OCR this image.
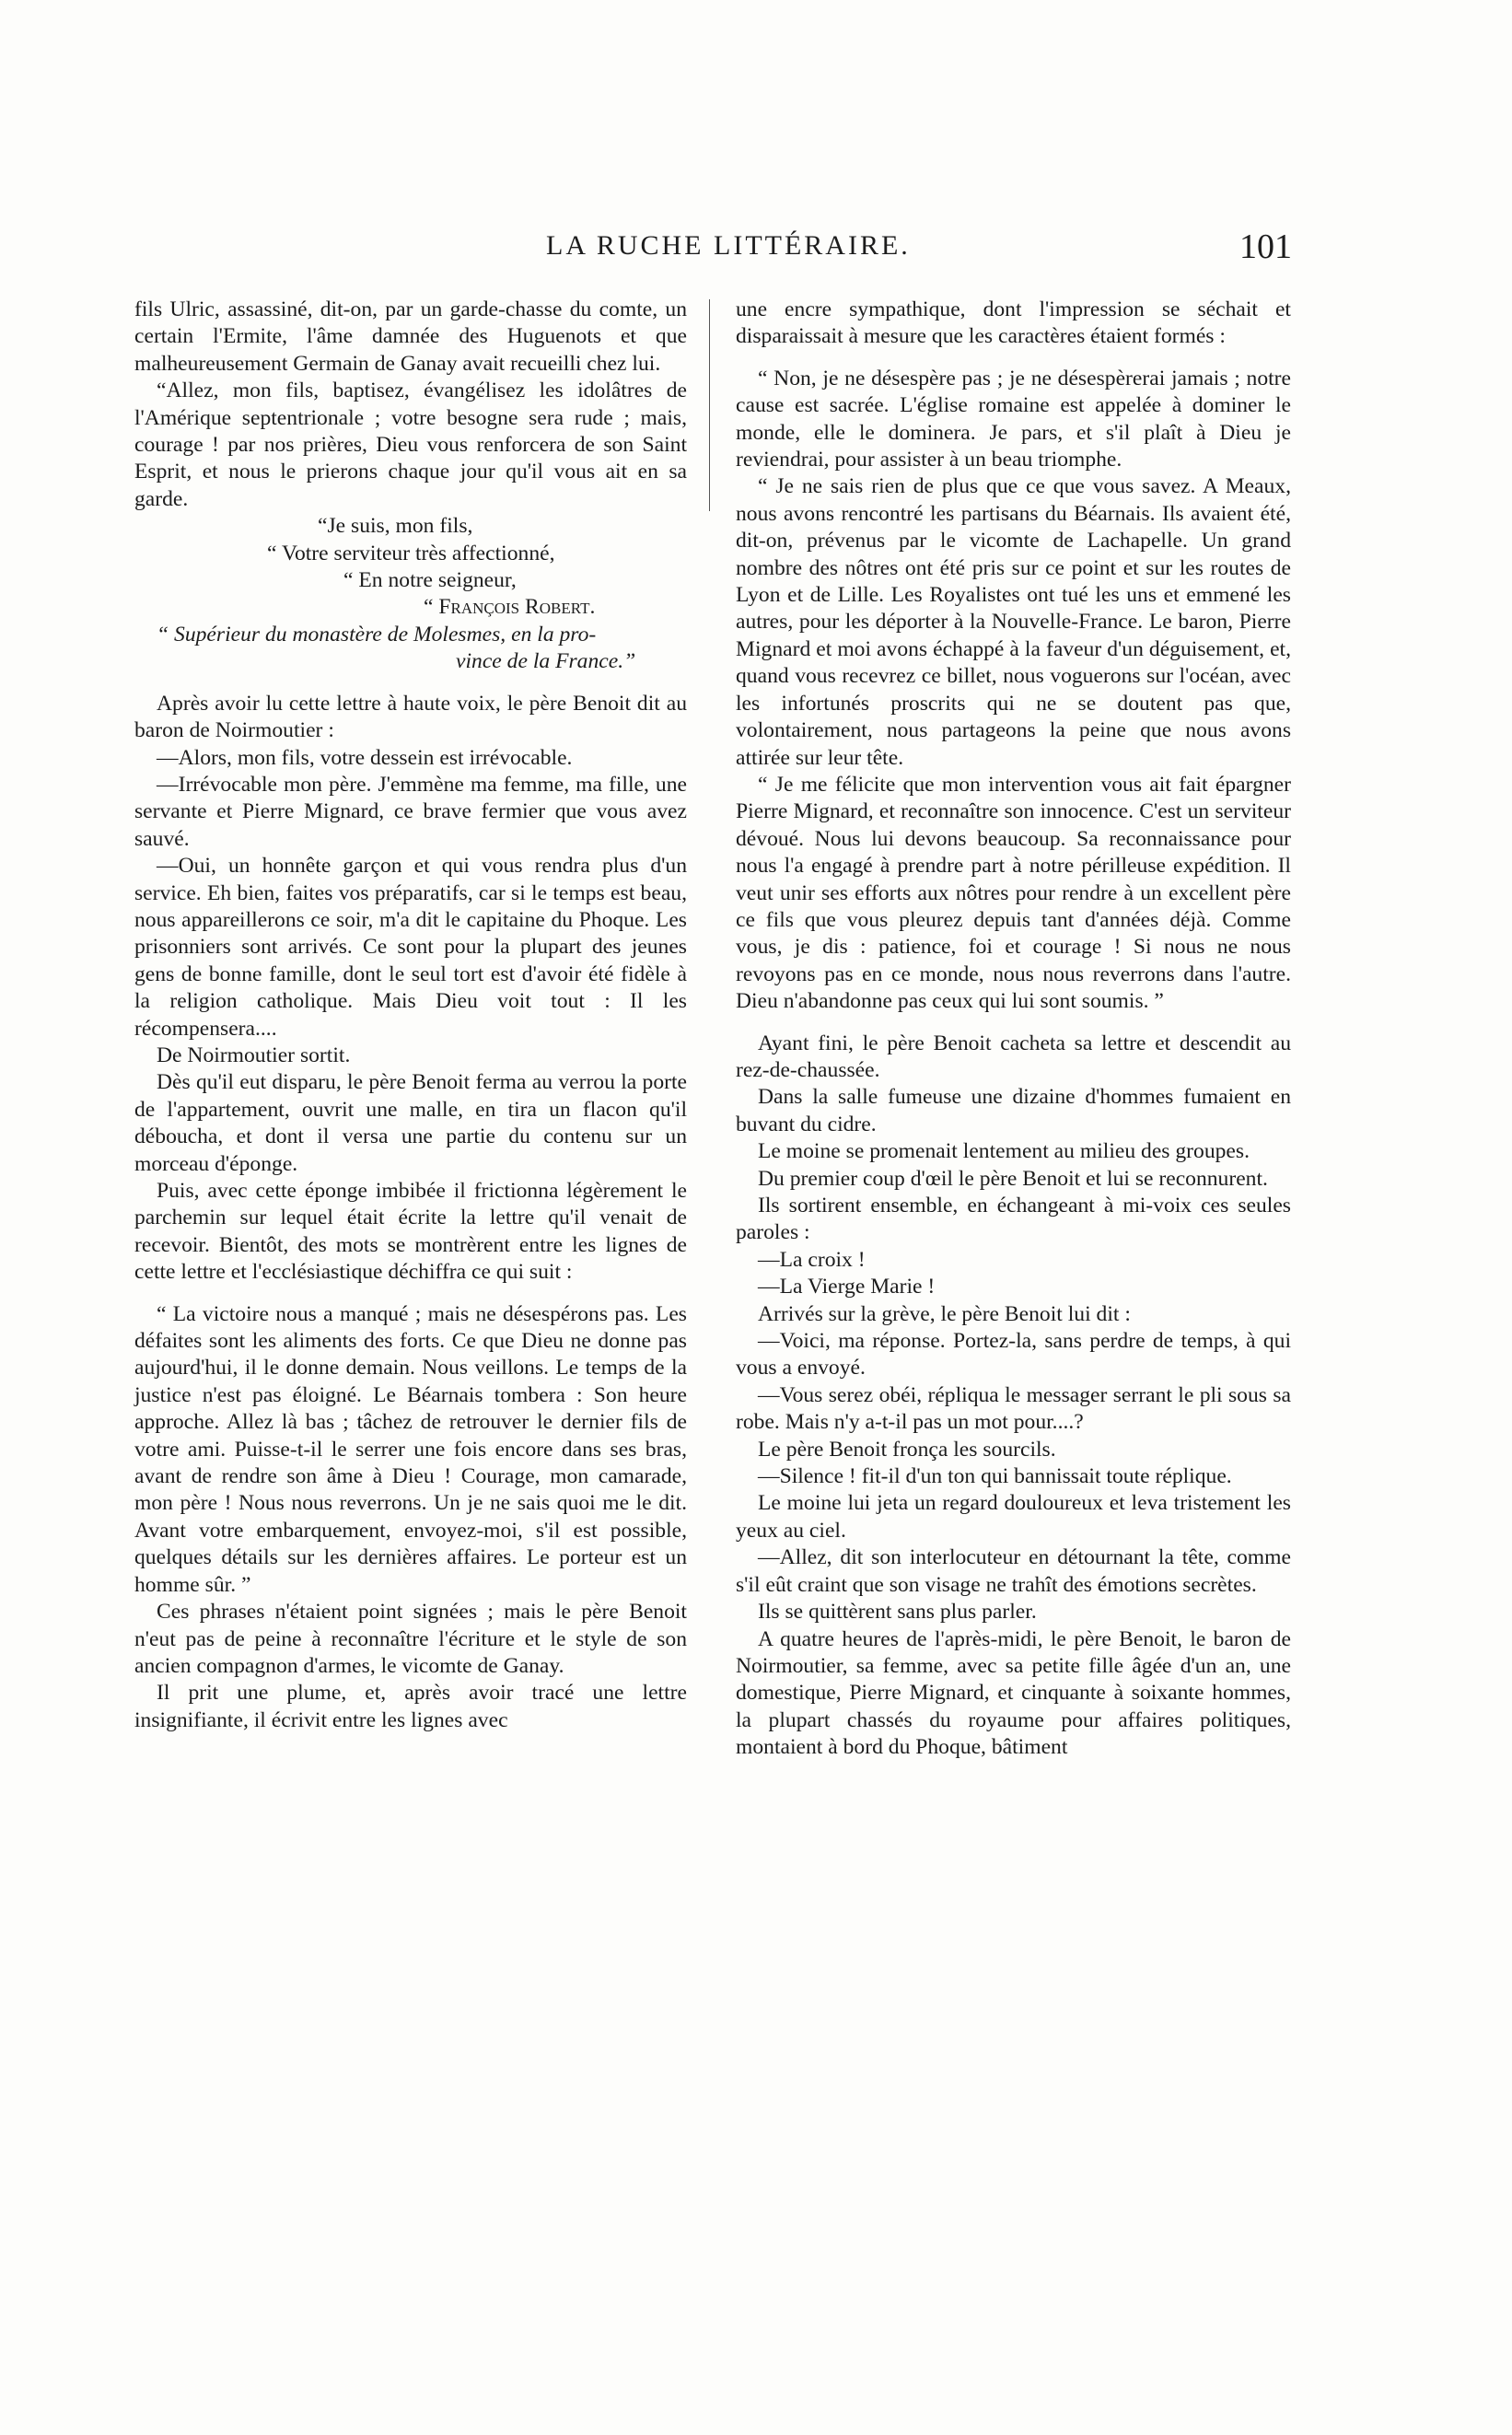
LA RUCHE LITTÉRAIRE.	101

fils Ulric, assassiné, dit-on, par un garde-chasse du comte, un certain l'Ermite, l'âme damnée des Huguenots et que malheureusement Germain de Ganay avait recueilli chez lui.

“Allez, mon fils, baptisez, évangélisez les idolâtres de l'Amérique septentrionale ; votre besogne sera rude ; mais, courage ! par nos prières, Dieu vous renforcera de son Saint Esprit, et nous le prierons chaque jour qu'il vous ait en sa garde.

“Je suis, mon fils,

“ Votre serviteur très affectionné,

“ En notre seigneur,

“ François Robert.

“ Supérieur du monastère de Molesmes, en la pro-

vince de la France.”

Après avoir lu cette lettre à haute voix, le père Benoit dit au baron de Noirmoutier :

—Alors, mon fils, votre dessein est irrévocable.

—Irrévocable mon père. J'emmène ma femme, ma fille, une servante et Pierre Mignard, ce brave fermier que vous avez sauvé.

—Oui, un honnête garçon et qui vous rendra plus d'un service. Eh bien, faites vos préparatifs, car si le temps est beau, nous appareillerons ce soir, m'a dit le capitaine du Phoque. Les prisonniers sont arrivés. Ce sont pour la plupart des jeunes gens de bonne famille, dont le seul tort est d'avoir été fidèle à la religion catholique. Mais Dieu voit tout : Il les récompensera....

De Noirmoutier sortit.

Dès qu'il eut disparu, le père Benoit ferma au verrou la porte de l'appartement, ouvrit une malle, en tira un flacon qu'il déboucha, et dont il versa une partie du contenu sur un morceau d'éponge.

Puis, avec cette éponge imbibée il frictionna légèrement le parchemin sur lequel était écrite la lettre qu'il venait de recevoir. Bientôt, des mots se montrèrent entre les lignes de cette lettre et l'ecclésiastique déchiffra ce qui suit :

“ La victoire nous a manqué ; mais ne désespérons pas. Les défaites sont les aliments des forts. Ce que Dieu ne donne pas aujourd'hui, il le donne demain. Nous veillons. Le temps de la justice n'est pas éloigné. Le Béarnais tombera : Son heure approche. Allez là bas ; tâchez de retrouver le dernier fils de votre ami. Puisse-t-il le serrer une fois encore dans ses bras, avant de rendre son âme à Dieu ! Courage, mon camarade, mon père ! Nous nous reverrons. Un je ne sais quoi me le dit. Avant votre embarquement, envoyez-moi, s'il est possible, quelques détails sur les dernières affaires. Le porteur est un homme sûr. ”

Ces phrases n'étaient point signées ; mais le père Benoit n'eut pas de peine à reconnaître l'écriture et le style de son ancien compagnon d'armes, le vicomte de Ganay.

Il prit une plume, et, après avoir tracé une lettre insignifiante, il écrivit entre les lignes avec

une encre sympathique, dont l'impression se séchait et disparaissait à mesure que les caractères étaient formés :

“ Non, je ne désespère pas ; je ne désespèrerai jamais ; notre cause est sacrée. L'église romaine est appelée à dominer le monde, elle le dominera. Je pars, et s'il plaît à Dieu je reviendrai, pour assister à un beau triomphe.

“ Je ne sais rien de plus que ce que vous savez. A Meaux, nous avons rencontré les partisans du Béarnais. Ils avaient été, dit-on, prévenus par le vicomte de Lachapelle. Un grand nombre des nôtres ont été pris sur ce point et sur les routes de Lyon et de Lille. Les Royalistes ont tué les uns et emmené les autres, pour les déporter à la Nouvelle-France. Le baron, Pierre Mignard et moi avons échappé à la faveur d'un déguisement, et, quand vous recevrez ce billet, nous voguerons sur l'océan, avec les infortunés proscrits qui ne se doutent pas que, volontairement, nous partageons la peine que nous avons attirée sur leur tête.

“ Je me félicite que mon intervention vous ait fait épargner Pierre Mignard, et reconnaître son innocence. C'est un serviteur dévoué. Nous lui devons beaucoup. Sa reconnaissance pour nous l'a engagé à prendre part à notre périlleuse expédition. Il veut unir ses efforts aux nôtres pour rendre à un excellent père ce fils que vous pleurez depuis tant d'années déjà. Comme vous, je dis : patience, foi et courage ! Si nous ne nous revoyons pas en ce monde, nous nous reverrons dans l'autre. Dieu n'abandonne pas ceux qui lui sont soumis. ”

Ayant fini, le père Benoit cacheta sa lettre et descendit au rez-de-chaussée.

Dans la salle fumeuse une dizaine d'hommes fumaient en buvant du cidre.

Le moine se promenait lentement au milieu des groupes.

Du premier coup d'œil le père Benoit et lui se reconnurent.

Ils sortirent ensemble, en échangeant à mi-voix ces seules paroles :

—La croix !

—La Vierge Marie !

Arrivés sur la grève, le père Benoit lui dit :

—Voici, ma réponse. Portez-la, sans perdre de temps, à qui vous a envoyé.

—Vous serez obéi, répliqua le messager serrant le pli sous sa robe. Mais n'y a-t-il pas un mot pour....?

Le père Benoit fronça les sourcils.

—Silence ! fit-il d'un ton qui bannissait toute réplique.

Le moine lui jeta un regard douloureux et leva tristement les yeux au ciel.

—Allez, dit son interlocuteur en détournant la tête, comme s'il eût craint que son visage ne trahît des émotions secrètes.

Ils se quittèrent sans plus parler.

A quatre heures de l'après-midi, le père Benoit, le baron de Noirmoutier, sa femme, avec sa petite fille âgée d'un an, une domestique, Pierre Mignard, et cinquante à soixante hommes, la plupart chassés du royaume pour affaires politiques, montaient à bord du Phoque, bâtiment
